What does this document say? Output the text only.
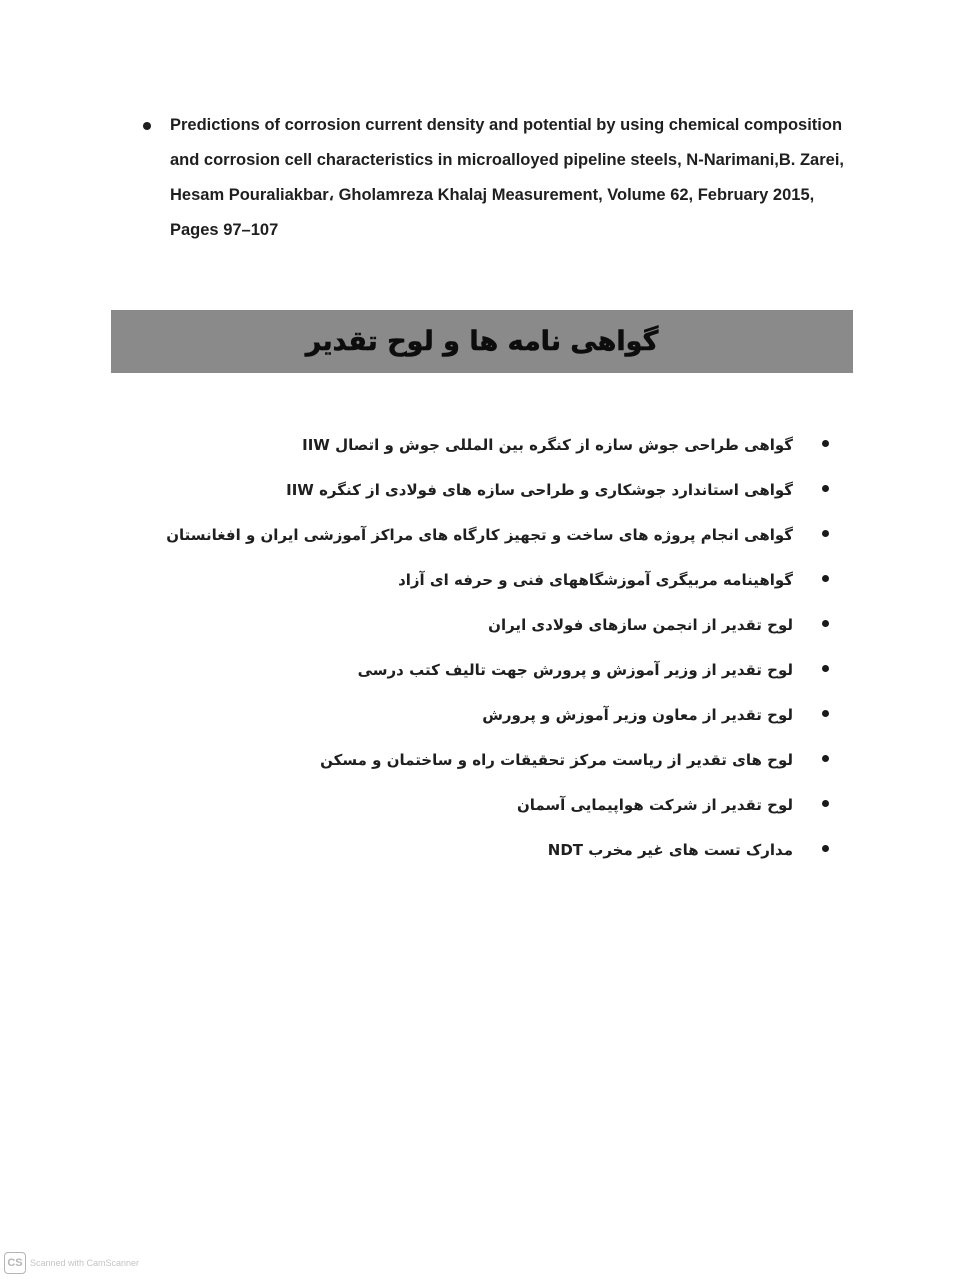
Predictions of corrosion current density and potential by using chemical composition
and corrosion cell characteristics in microalloyed pipeline steels, N-Narimani,B. Zarei,
Hesam Pouraliakbar، Gholamreza Khalaj Measurement, Volume 62, February 2015,
Pages 97–107
گواهی نامه ها و لوح تقدیر
گواهی طراحی جوش سازه از کنگره بین المللی جوش و اتصال IIW
گواهی استاندارد جوشکاری و طراحی سازه های فولادی از کنگره IIW
گواهی انجام پروژه های ساخت و تجهیز کارگاه های مراکز آموزشی ایران و افغانستان
گواهینامه مربیگری آموزشگاههای فنی و حرفه ای آزاد
لوح تقدیر از انجمن سازهای فولادی ایران
لوح تقدیر از وزیر آموزش و پرورش جهت تالیف کتب درسی
لوح تقدیر از معاون وزیر آموزش و پرورش
لوح های تقدیر از ریاست مرکز تحقیقات راه و ساختمان و مسکن
لوح تقدیر از شرکت هواپیمایی آسمان
مدارک تست های غیر مخرب NDT
CS Scanned with CamScanner
